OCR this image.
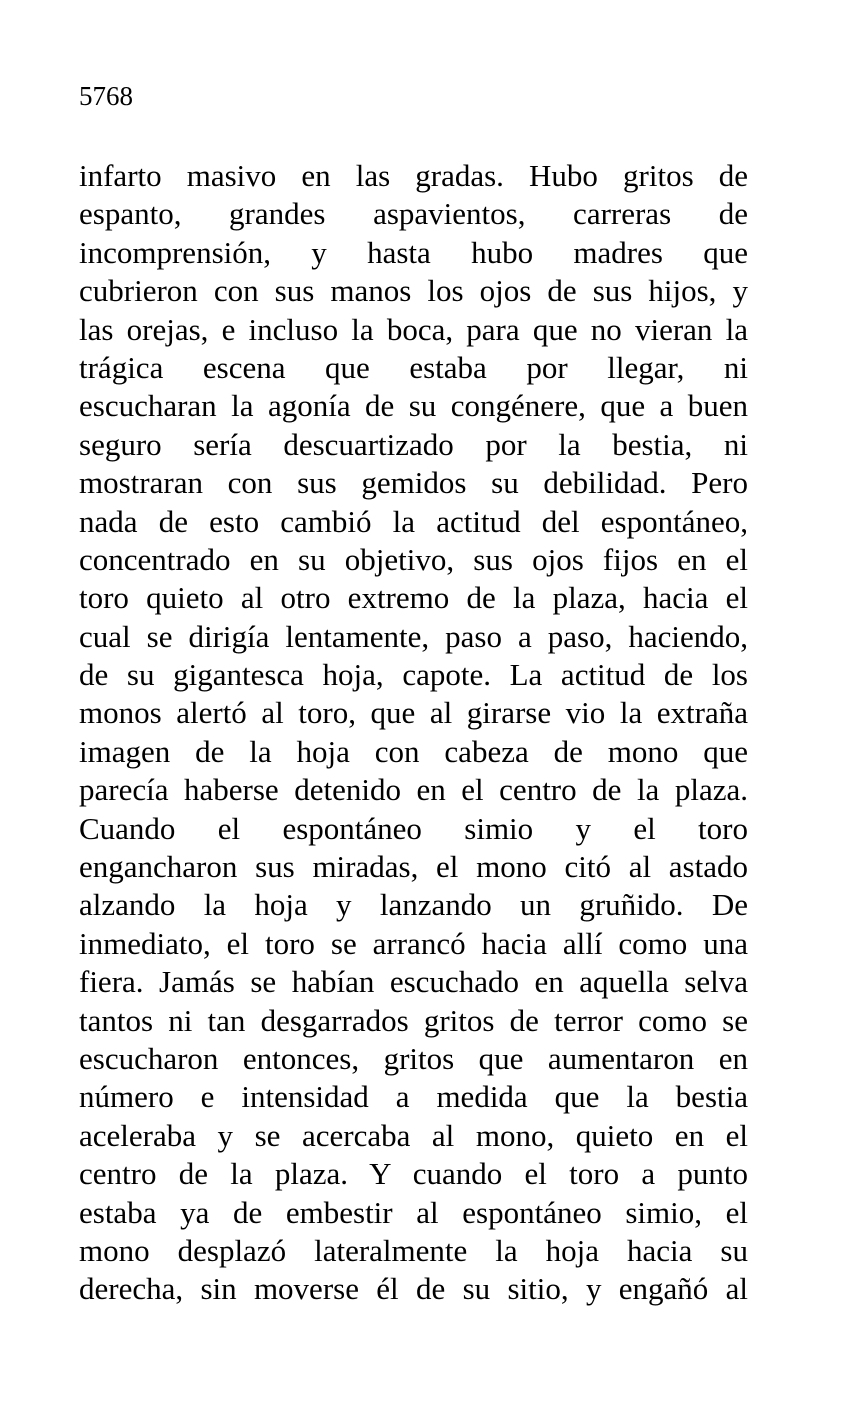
5768
infarto masivo en las gradas. Hubo gritos de
espanto, grandes aspavientos, carreras de
incomprensión, y hasta hubo madres que
cubrieron con sus manos los ojos de sus hijos, y
las orejas, e incluso la boca, para que no vieran la
trágica escena que estaba por llegar, ni
escucharan la agonía de su congénere, que a buen
seguro sería descuartizado por la bestia, ni
mostraran con sus gemidos su debilidad. Pero
nada de esto cambió la actitud del espontáneo,
concentrado en su objetivo, sus ojos fijos en el
toro quieto al otro extremo de la plaza, hacia el
cual se dirigía lentamente, paso a paso, haciendo,
de su gigantesca hoja, capote. La actitud de los
monos alertó al toro, que al girarse vio la extraña
imagen de la hoja con cabeza de mono que
parecía haberse detenido en el centro de la plaza.
Cuando el espontáneo simio y el toro
engancharon sus miradas, el mono citó al astado
alzando la hoja y lanzando un gruñido. De
inmediato, el toro se arrancó hacia allí como una
fiera. Jamás se habían escuchado en aquella selva
tantos ni tan desgarrados gritos de terror como se
escucharon entonces, gritos que aumentaron en
número e intensidad a medida que la bestia
aceleraba y se acercaba al mono, quieto en el
centro de la plaza. Y cuando el toro a punto
estaba ya de embestir al espontáneo simio, el
mono desplazó lateralmente la hoja hacia su
derecha, sin moverse él de su sitio, y engañó al
